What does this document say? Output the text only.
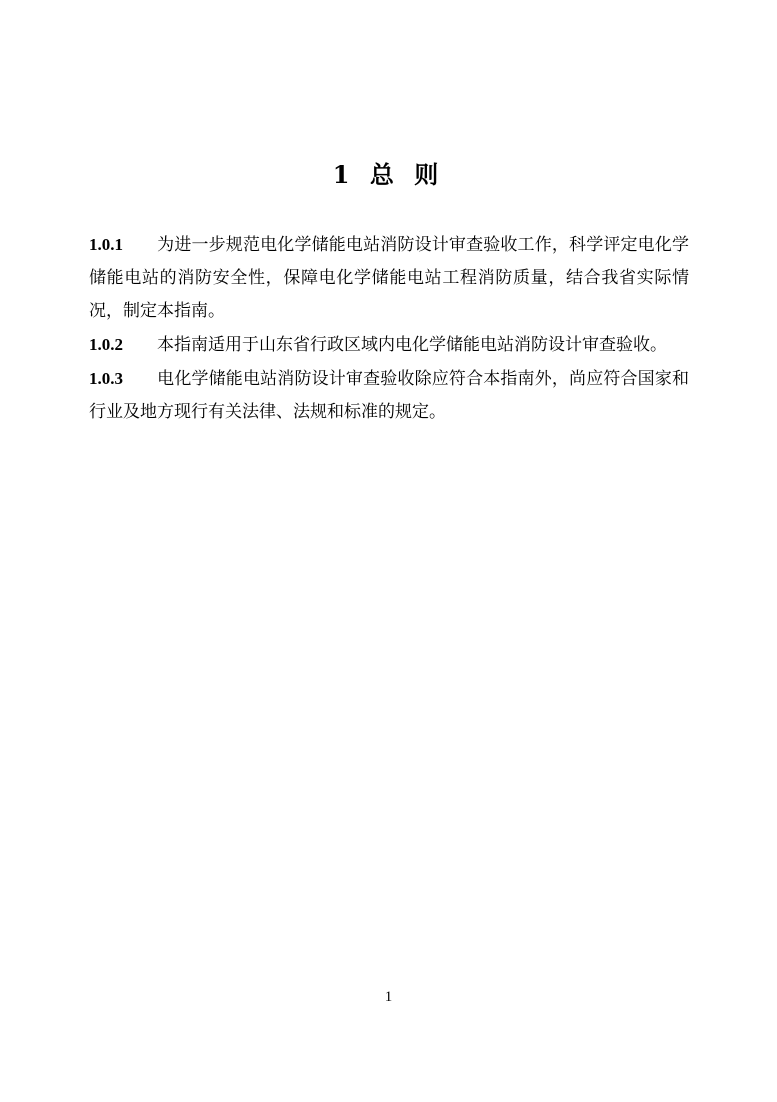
1 总 则

1.0.1 为进一步规范电化学储能电站消防设计审查验收工作，科学评定电化学储能电站的消防安全性，保障电化学储能电站工程消防质量，结合我省实际情况，制定本指南。

1.0.2 本指南适用于山东省行政区域内电化学储能电站消防设计审查验收。

1.0.3 电化学储能电站消防设计审查验收除应符合本指南外，尚应符合国家和行业及地方现行有关法律、法规和标准的规定。

1
